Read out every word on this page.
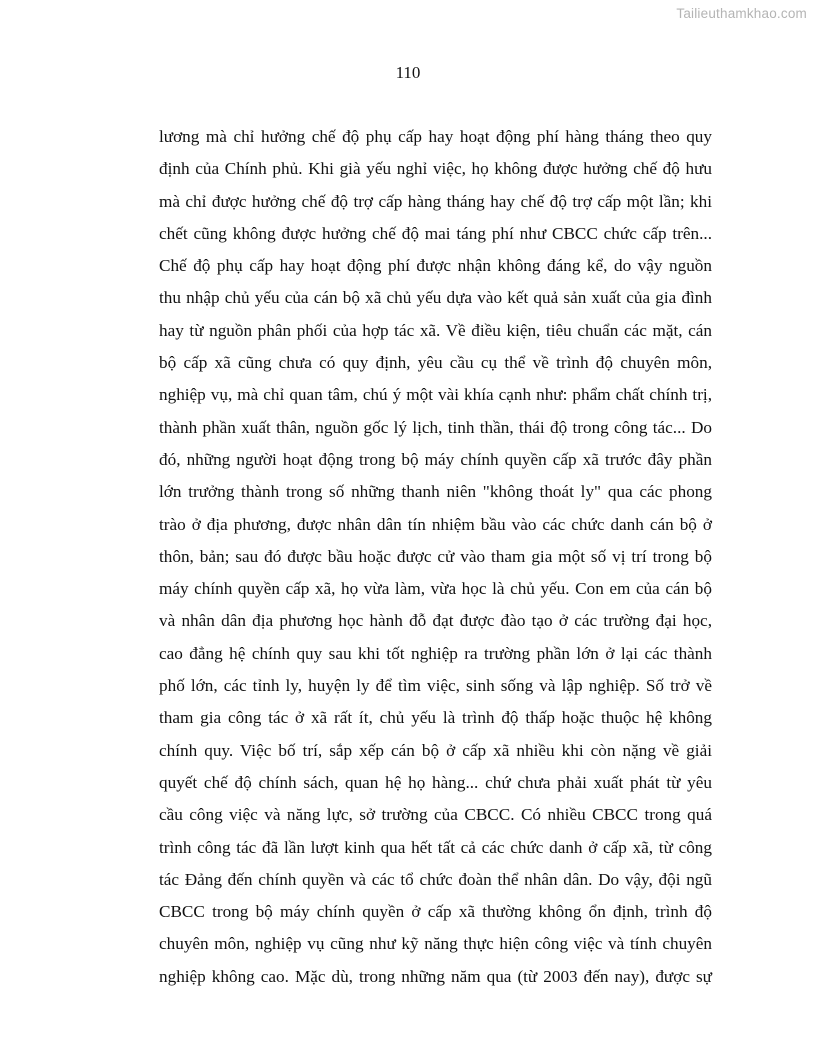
Tailieuthamkhao.com
110
lương mà chỉ hưởng chế độ phụ cấp hay hoạt động phí hàng tháng theo quy
định của Chính phủ. Khi già yếu nghỉ việc, họ không được hưởng chế độ hưu
mà chỉ được hưởng chế độ trợ cấp hàng tháng hay chế độ trợ cấp một lần; khi
chết cũng không được hưởng chế độ mai táng phí như CBCC chức cấp trên...
Chế độ phụ cấp hay hoạt động phí được nhận không đáng kể, do vậy nguồn
thu nhập chủ yếu của cán bộ xã chủ yếu dựa vào kết quả sản xuất của gia đình
hay từ nguồn phân phối của hợp tác xã. Về điều kiện, tiêu chuẩn các mặt, cán
bộ cấp xã cũng chưa có quy định, yêu cầu cụ thể về trình độ chuyên môn,
nghiệp vụ, mà chỉ quan tâm, chú ý một vài khía cạnh như: phẩm chất chính trị,
thành phần xuất thân, nguồn gốc lý lịch, tinh thần, thái độ trong công tác... Do
đó, những người hoạt động trong bộ máy chính quyền cấp xã trước đây phần
lớn trưởng thành trong số những thanh niên "không thoát ly" qua các phong
trào ở địa phương, được nhân dân tín nhiệm bầu vào các chức danh cán bộ ở
thôn, bản; sau đó được bầu hoặc được cử vào tham gia một số vị trí trong bộ
máy chính quyền cấp xã, họ vừa làm, vừa học là chủ yếu. Con em của cán bộ
và nhân dân địa phương học hành đỗ đạt được đào tạo ở các trường đại học,
cao đẳng hệ chính quy sau khi tốt nghiệp ra trường phần lớn ở lại các thành
phố lớn, các tỉnh ly, huyện ly để tìm việc, sinh sống và lập nghiệp. Số trở về
tham gia công tác ở xã rất ít, chủ yếu là trình độ thấp hoặc thuộc hệ không
chính quy. Việc bố trí, sắp xếp cán bộ ở cấp xã nhiều khi còn nặng về giải
quyết chế độ chính sách, quan hệ họ hàng... chứ chưa phải xuất phát từ yêu
cầu công việc và năng lực, sở trường của CBCC. Có nhiều CBCC trong quá
trình công tác đã lần lượt kinh qua hết tất cả các chức danh ở cấp xã, từ công
tác Đảng đến chính quyền và các tổ chức đoàn thể nhân dân. Do vậy, đội ngũ
CBCC trong bộ máy chính quyền ở cấp xã thường không ổn định, trình độ
chuyên môn, nghiệp vụ cũng như kỹ năng thực hiện công việc và tính chuyên
nghiệp không cao. Mặc dù, trong những năm qua (từ 2003 đến nay), được sự
